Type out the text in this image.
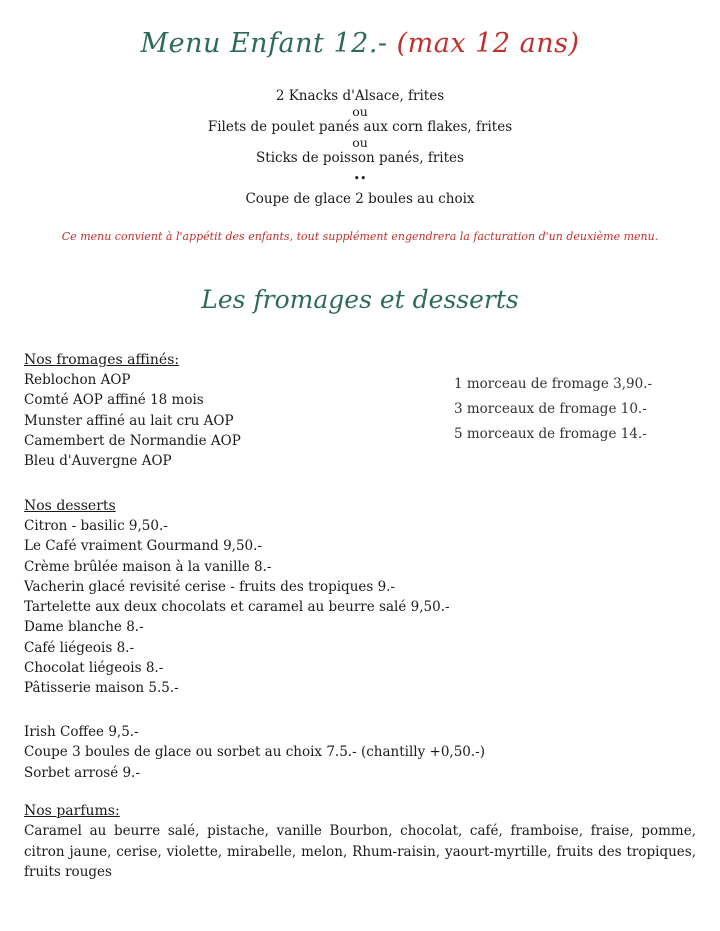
Menu Enfant 12.- (max 12 ans)
2 Knacks d'Alsace, frites
ou
Filets de poulet panés aux corn flakes, frites
ou
Sticks de poisson panés, frites
••
Coupe de glace 2 boules au choix
Ce menu convient à l'appétit des enfants, tout supplément engendrera la facturation d'un deuxième menu.
Les fromages et desserts
Nos fromages affinés:
Reblochon AOP
Comté AOP affiné 18 mois
Munster affiné au lait cru AOP
Camembert de Normandie AOP
Bleu d'Auvergne AOP
1 morceau de fromage 3,90.-
3 morceaux de fromage 10.-
5 morceaux de fromage 14.-
Nos desserts
Citron - basilic 9,50.-
Le Café vraiment Gourmand 9,50.-
Crème brûlée maison à la vanille 8.-
Vacherin glacé revisité cerise - fruits des tropiques 9.-
Tartelette aux deux chocolats et caramel au beurre salé 9,50.-
Dame blanche 8.-
Café liégeois 8.-
Chocolat liégeois 8.-
Pâtisserie maison 5.5.-
Irish Coffee 9,5.-
Coupe 3 boules de glace ou sorbet au choix 7.5.- (chantilly +0,50.-)
Sorbet arrosé 9.-
Nos parfums:

Caramel au beurre salé, pistache, vanille Bourbon, chocolat, café, framboise, fraise, pomme, citron jaune, cerise, violette, mirabelle, melon, Rhum-raisin, yaourt-myrtille, fruits des tropiques, fruits rouges
